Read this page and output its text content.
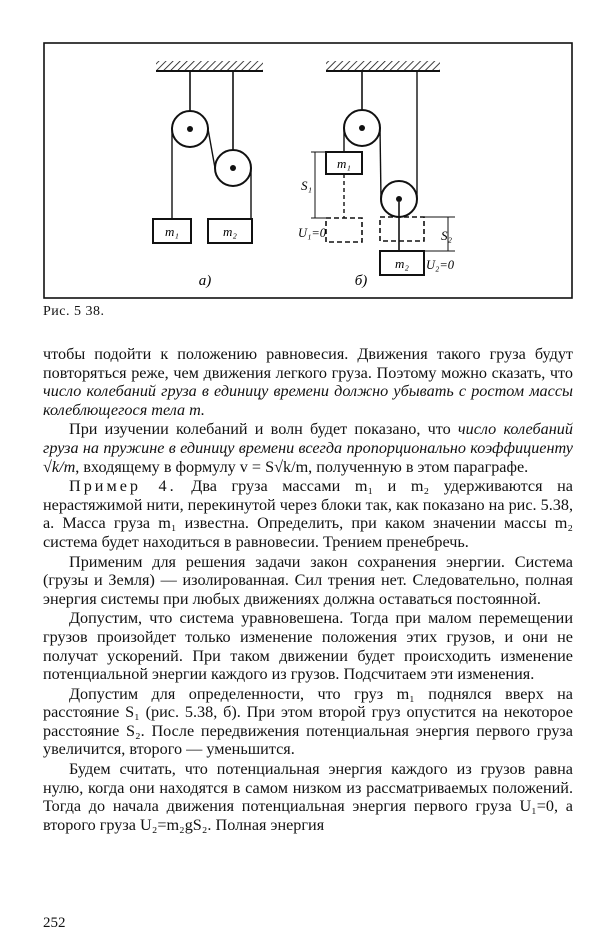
m₁	m₂
а)
m₁
S₁
U₁=0
m₂ U₂=0
S₂
б)
Рис. 5 38.

чтобы подойти к положению равновесия. Движения такого груза будут повторяться реже, чем движения легкого груза. Поэтому можно сказать, что число колебаний груза в единицу времени должно убывать с ростом массы колеблющегося тела m.

При изучении колебаний и волн будет показано, что число колебаний груза на пружине в единицу времени всегда пропорционально коэффициенту √k/m, входящему в формулу v = S√k/m, полученную в этом параграфе.

Пример 4. Два груза массами m₁ и m₂ удерживаются на нерастяжимой нити, перекинутой через блоки так, как показано на рис. 5.38, а. Масса груза m₁ известна. Определить, при каком значении массы m₂ система будет находиться в равновесии. Трением пренебречь.

Применим для решения задачи закон сохранения энергии. Система (грузы и Земля) — изолированная. Сил трения нет. Следовательно, полная энергия системы при любых движениях должна оставаться постоянной.

Допустим, что система уравновешена. Тогда при малом перемещении грузов произойдет только изменение положения этих грузов, и они не получат ускорений. При таком движении будет происходить изменение потенциальной энергии каждого из грузов. Подсчитаем эти изменения.

Допустим для определенности, что груз m₁ поднялся вверх на расстояние S₁ (рис. 5.38, б). При этом второй груз опустится на некоторое расстояние S₂. После передвижения потенциальная энергия первого груза увеличится, второго — уменьшится.

Будем считать, что потенциальная энергия каждого из грузов равна нулю, когда они находятся в самом низком из рассматриваемых положений. Тогда до начала движения потенциальная энергия первого груза U₁=0, а второго груза U₂=m₂gS₂. Полная энергия

252
